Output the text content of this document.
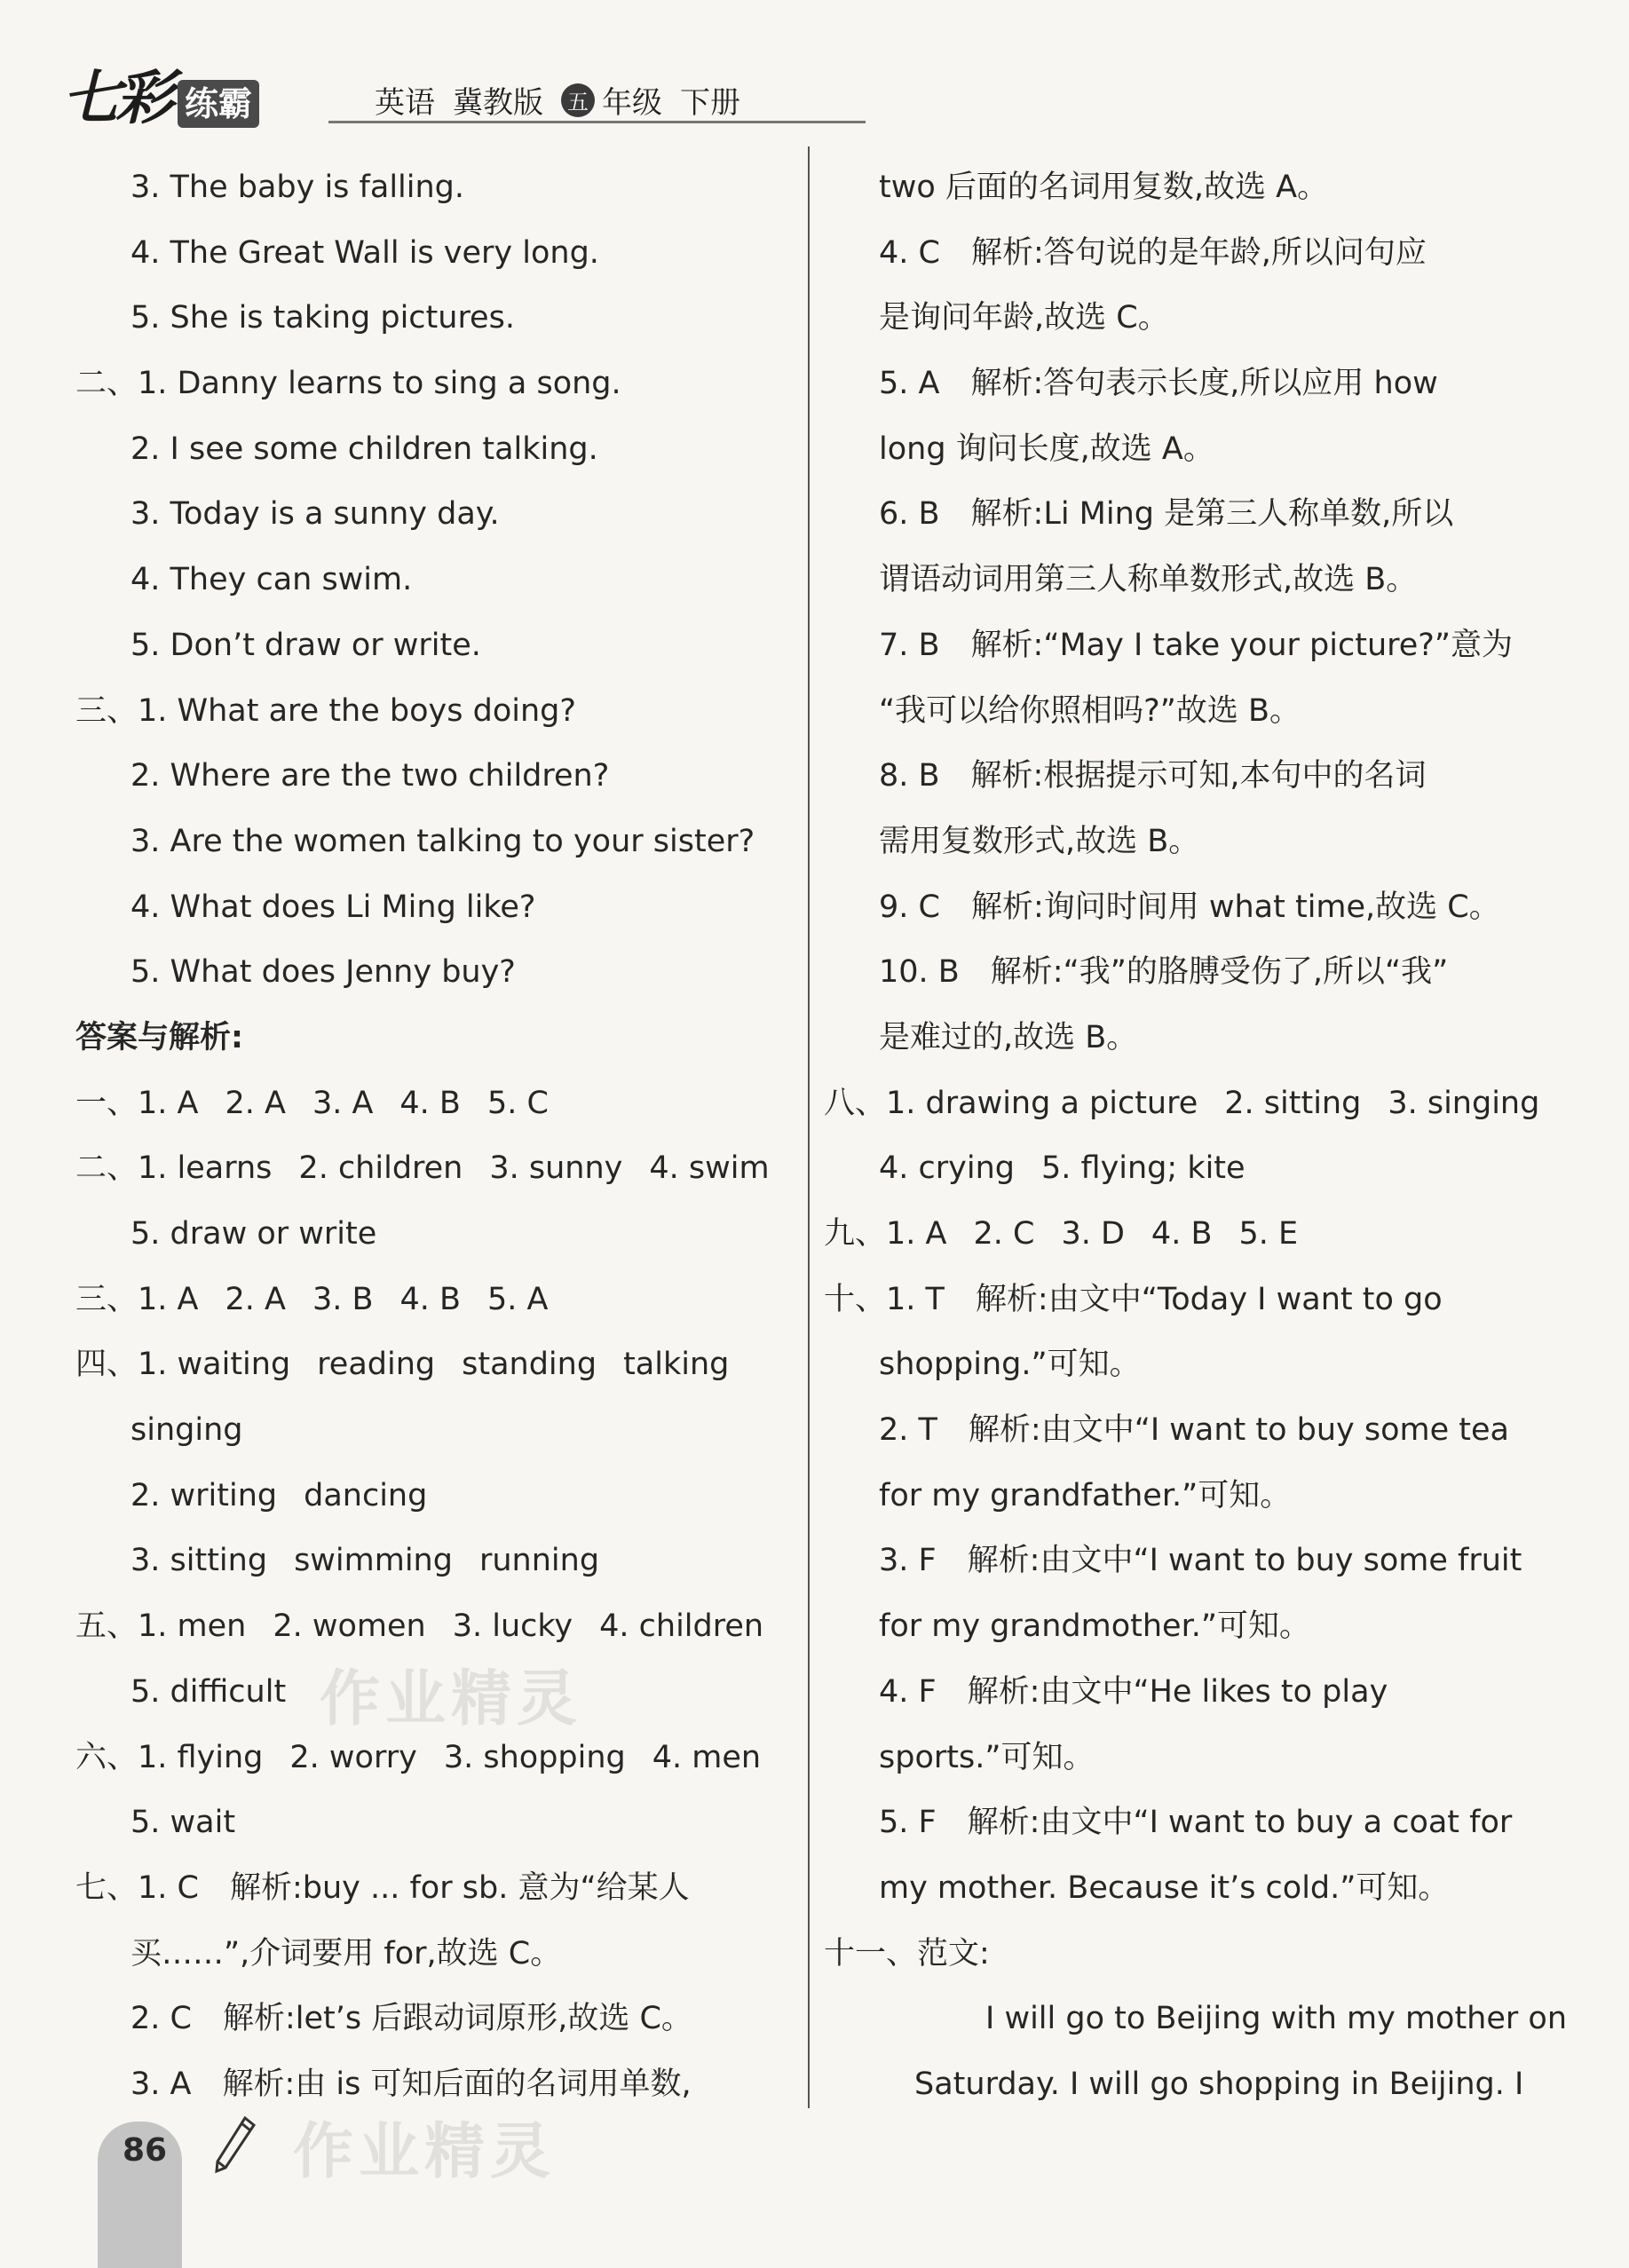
七彩 练霸	英语 冀教版 五 年级 下册
3. The baby is falling.
4. The Great Wall is very long.
5. She is taking pictures.
二、1. Danny learns to sing a song.
2. I see some children talking.
3. Today is a sunny day.
4. They can swim.
5. Don’t draw or write.
三、1. What are the boys doing?
2. Where are the two children?
3. Are the women talking to your sister?
4. What does Li Ming like?
5. What does Jenny buy?
答案与解析:
一、1. A 2. A 3. A 4. B 5. C
二、1. learns 2. children 3. sunny 4. swim
5. draw or write
三、1. A 2. A 3. B 4. B 5. A
四、1. waiting reading standing talking
singing
2. writing dancing
3. sitting swimming running
五、1. men 2. women 3. lucky 4. children
5. difficult
六、1. flying 2. worry 3. shopping 4. men
5. wait
七、1. C　解析:buy ... for sb. 意为“给某人
买……”,介词要用 for,故选 C。
2. C　解析:let’s 后跟动词原形,故选 C。
3. A　解析:由 is 可知后面的名词用单数,
two 后面的名词用复数,故选 A。
4. C　解析:答句说的是年龄,所以问句应
是询问年龄,故选 C。
5. A　解析:答句表示长度,所以应用 how
long 询问长度,故选 A。
6. B　解析:Li Ming 是第三人称单数,所以
谓语动词用第三人称单数形式,故选 B。
7. B　解析:“May I take your picture?”意为
“我可以给你照相吗?”故选 B。
8. B　解析:根据提示可知,本句中的名词
需用复数形式,故选 B。
9. C　解析:询问时间用 what time,故选 C。
10. B　解析:“我”的胳膊受伤了,所以“我”
是难过的,故选 B。
八、1. drawing a picture 2. sitting 3. singing
4. crying 5. flying; kite
九、1. A 2. C 3. D 4. B 5. E
十、1. T　解析:由文中“Today I want to go
shopping.”可知。
2. T　解析:由文中“I want to buy some tea
for my grandfather.”可知。
3. F　解析:由文中“I want to buy some fruit
for my grandmother.”可知。
4. F　解析:由文中“He likes to play
sports.”可知。
5. F　解析:由文中“I want to buy a coat for
my mother. Because it’s cold.”可知。
十一、范文:
I will go to Beijing with my mother on
Saturday. I will go shopping in Beijing. I
作业精灵
作业精灵
86
